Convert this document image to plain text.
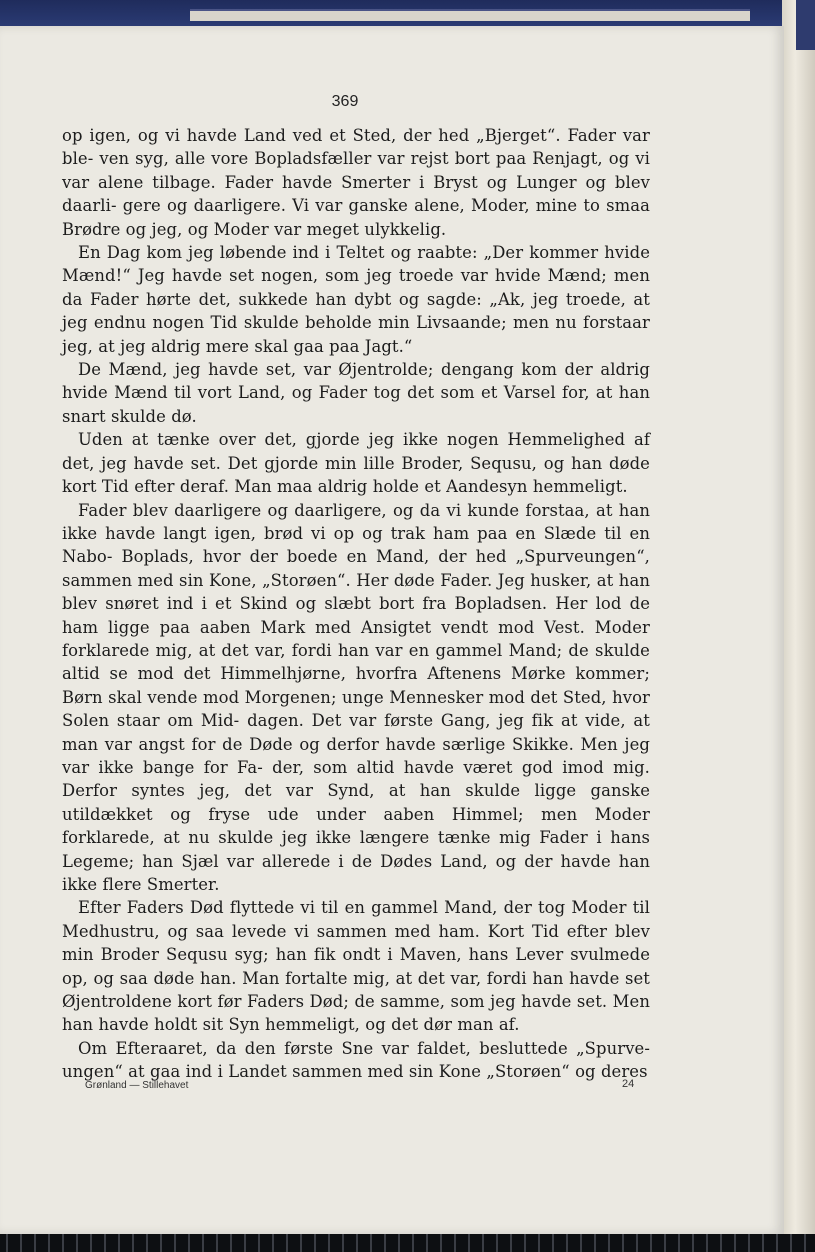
369

op igen, og vi havde Land ved et Sted, der hed „Bjerget“. Fader var ble‐ ven syg, alle vore Bopladsfæller var rejst bort paa Renjagt, og vi var alene tilbage. Fader havde Smerter i Bryst og Lunger og blev daarli‐ gere og daarligere. Vi var ganske alene, Moder, mine to smaa Brødre og jeg, og Moder var meget ulykkelig.

En Dag kom jeg løbende ind i Teltet og raabte: „Der kommer hvide Mænd!“ Jeg havde set nogen, som jeg troede var hvide Mænd; men da Fader hørte det, sukkede han dybt og sagde: „Ak, jeg troede, at jeg endnu nogen Tid skulde beholde min Livsaande; men nu forstaar jeg, at jeg aldrig mere skal gaa paa Jagt.“

De Mænd, jeg havde set, var Øjentrolde; dengang kom der aldrig hvide Mænd til vort Land, og Fader tog det som et Varsel for, at han snart skulde dø.

Uden at tænke over det, gjorde jeg ikke nogen Hemmelighed af det, jeg havde set. Det gjorde min lille Broder, Sequsu, og han døde kort Tid efter deraf. Man maa aldrig holde et Aandesyn hemmeligt.

Fader blev daarligere og daarligere, og da vi kunde forstaa, at han ikke havde langt igen, brød vi op og trak ham paa en Slæde til en Nabo‐ Boplads, hvor der boede en Mand, der hed „Spurveungen“, sammen med sin Kone, „Storøen“. Her døde Fader. Jeg husker, at han blev snøret ind i et Skind og slæbt bort fra Bopladsen. Her lod de ham ligge paa aaben Mark med Ansigtet vendt mod Vest. Moder forklarede mig, at det var, fordi han var en gammel Mand; de skulde altid se mod det Himmelhjørne, hvorfra Aftenens Mørke kommer; Børn skal vende mod Morgenen; unge Mennesker mod det Sted, hvor Solen staar om Mid‐ dagen. Det var første Gang, jeg fik at vide, at man var angst for de Døde og derfor havde særlige Skikke. Men jeg var ikke bange for Fa‐ der, som altid havde været god imod mig. Derfor syntes jeg, det var Synd, at han skulde ligge ganske utildækket og fryse ude under aaben Himmel; men Moder forklarede, at nu skulde jeg ikke længere tænke mig Fader i hans Legeme; han Sjæl var allerede i de Dødes Land, og der havde han ikke flere Smerter.

Efter Faders Død flyttede vi til en gammel Mand, der tog Moder til Medhustru, og saa levede vi sammen med ham. Kort Tid efter blev min Broder Sequsu syg; han fik ondt i Maven, hans Lever svulmede op, og saa døde han. Man fortalte mig, at det var, fordi han havde set Øjentroldene kort før Faders Død; de samme, som jeg havde set. Men han havde holdt sit Syn hemmeligt, og det dør man af.

Om Efteraaret, da den første Sne var faldet, besluttede „Spurve‐ ungen“ at gaa ind i Landet sammen med sin Kone „Storøen“ og deres

Grønland — Stillehavet	24
